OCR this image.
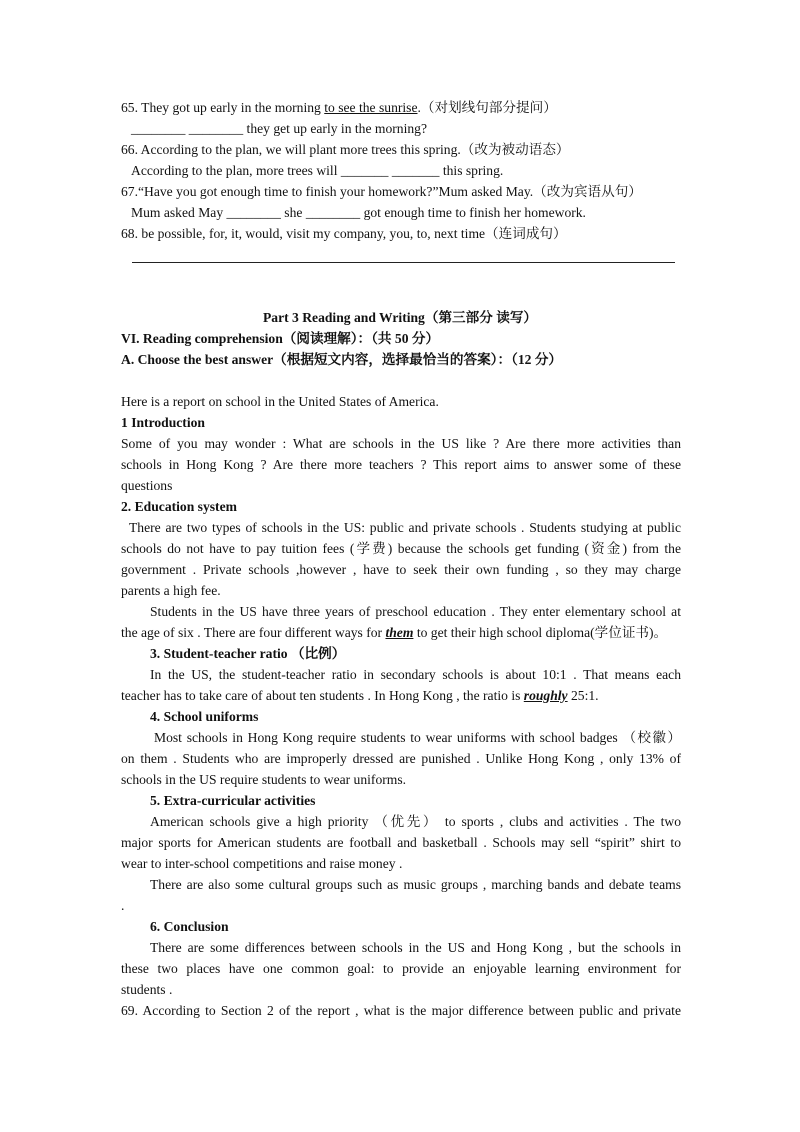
65. They got up early in the morning to see the sunrise.（对划线句部分提问）
________ ________ they get up early in the morning?
66. According to the plan, we will plant more trees this spring.（改为被动语态）
According to the plan, more trees will _______ _______ this spring.
67.“Have you got enough time to finish your homework?”Mum asked May.（改为宾语从句）
Mum asked May ________ she ________ got enough time to finish her homework.
68. be possible, for, it, would, visit my company, you, to, next time（连词成句）
Part 3 Reading and Writing（第三部分 读写）
VI. Reading comprehension（阅读理解）：（共 50 分）
A. Choose the best answer（根据短文内容，选择最恰当的答案）：（12 分）
Here is a report on school in the United States of America.
1 Introduction
Some of you may wonder : What are schools in the US like ? Are there more activities than
schools in Hong Kong ? Are there more teachers ? This report aims to answer some of these
questions
2. Education system
There are two types of schools in the US: public and private schools . Students studying at public
schools do not have to pay tuition fees (学费) because the schools get funding (资金) from the
government . Private schools ,however , have to seek their own funding , so they may charge
parents a high fee.
Students in the US have three years of preschool education . They enter elementary school at
the age of six . There are four different ways for them to get their high school diploma(学位证书)。
3. Student-teacher ratio （比例）
In the US, the student-teacher ratio in secondary schools is about 10:1 . That means each
teacher has to take care of about ten students . In Hong Kong , the ratio is roughly 25:1.
4. School uniforms
Most schools in Hong Kong require students to wear uniforms with school badges （校徽）
on them . Students who are improperly dressed are punished . Unlike Hong Kong , only 13% of
schools in the US require students to wear uniforms.
5. Extra-curricular activities
American schools give a high priority （优先） to sports , clubs and activities . The two
major sports for American students are football and basketball . Schools may sell “spirit” shirt to
wear to inter-school competitions and raise money .
There are also some cultural groups such as music groups , marching bands and debate teams
.
6. Conclusion
There are some differences between schools in the US and Hong Kong , but the schools in
these two places have one common goal: to provide an enjoyable learning environment for
students .
69. According to Section 2 of the report , what is the major difference between public and private
